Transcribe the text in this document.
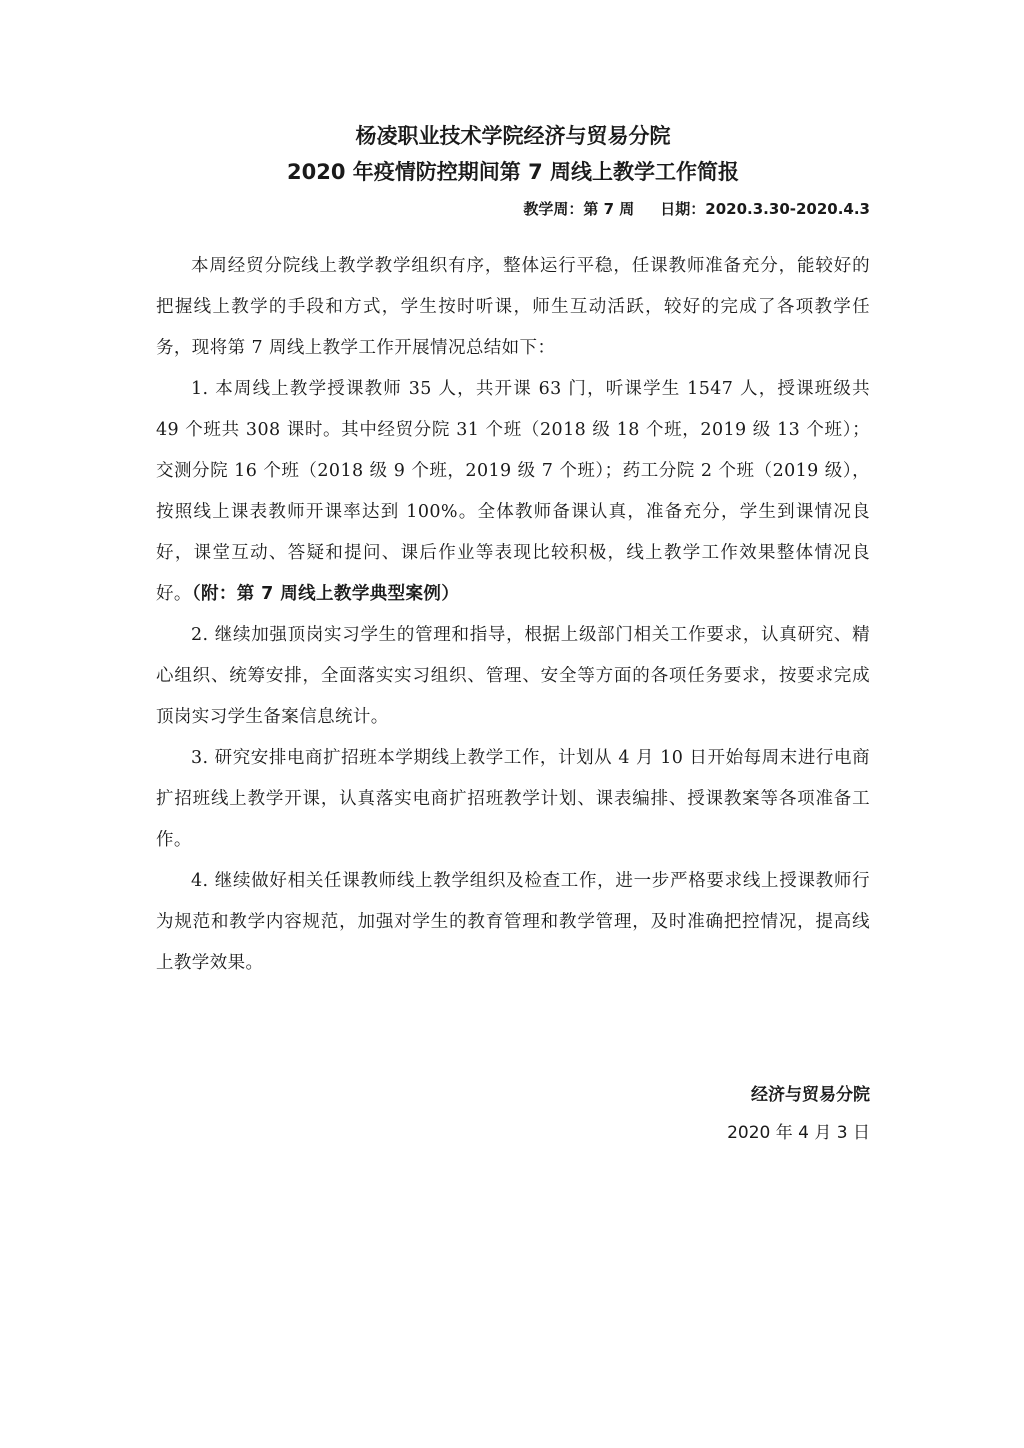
杨凌职业技术学院经济与贸易分院
2020 年疫情防控期间第 7 周线上教学工作简报
教学周：第 7 周 日期：2020.3.30-2020.4.3

本周经贸分院线上教学教学组织有序，整体运行平稳，任课教师准备充分，能较好的把握线上教学的手段和方式，学生按时听课，师生互动活跃，较好的完成了各项教学任务，现将第 7 周线上教学工作开展情况总结如下：

1. 本周线上教学授课教师 35 人，共开课 63 门，听课学生 1547 人，授课班级共 49 个班共 308 课时。其中经贸分院 31 个班（2018 级 18 个班，2019 级 13 个班）；交测分院 16 个班（2018 级 9 个班，2019 级 7 个班）；药工分院 2 个班（2019 级），按照线上课表教师开课率达到 100%。全体教师备课认真，准备充分，学生到课情况良好，课堂互动、答疑和提问、课后作业等表现比较积极，线上教学工作效果整体情况良好。（附：第 7 周线上教学典型案例）

2. 继续加强顶岗实习学生的管理和指导，根据上级部门相关工作要求，认真研究、精心组织、统筹安排，全面落实实习组织、管理、安全等方面的各项任务要求，按要求完成顶岗实习学生备案信息统计。

3. 研究安排电商扩招班本学期线上教学工作，计划从 4 月 10 日开始每周末进行电商扩招班线上教学开课，认真落实电商扩招班教学计划、课表编排、授课教案等各项准备工作。

4. 继续做好相关任课教师线上教学组织及检查工作，进一步严格要求线上授课教师行为规范和教学内容规范，加强对学生的教育管理和教学管理，及时准确把控情况，提高线上教学效果。

经济与贸易分院
2020 年 4 月 3 日
